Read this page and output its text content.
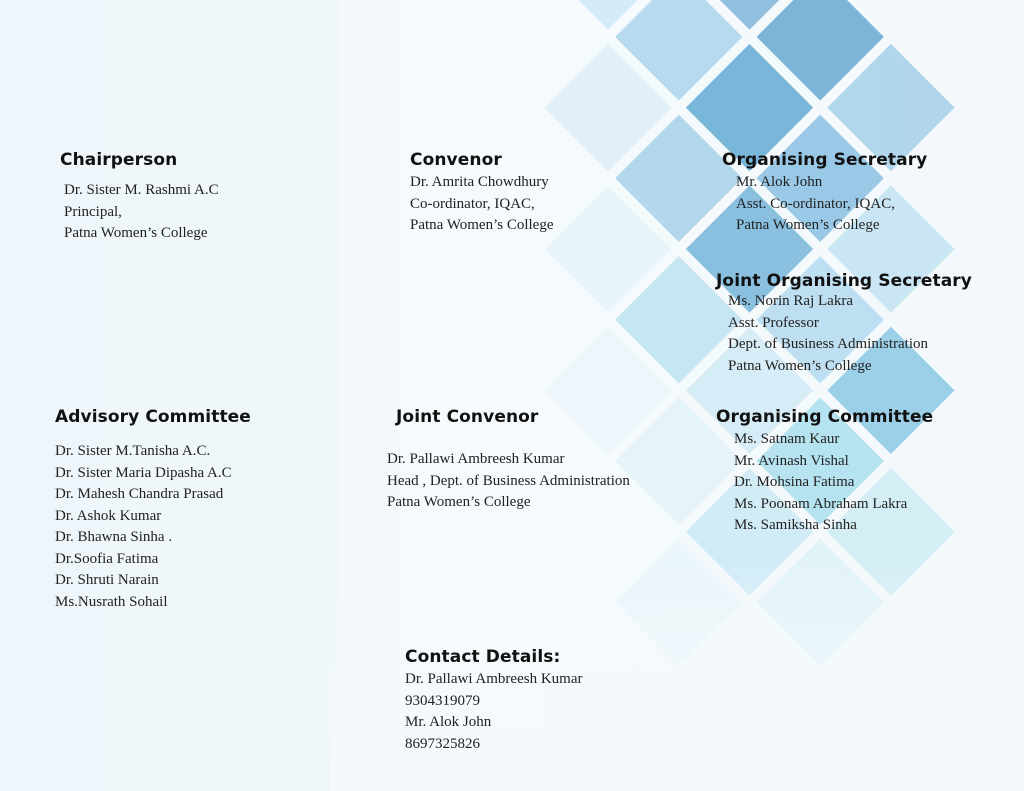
Chairperson
Dr. Sister M. Rashmi A.C
Principal,
Patna Women’s College
Convenor
Dr. Amrita Chowdhury
Co-ordinator, IQAC,
Patna Women’s College
Organising Secretary
Mr. Alok John
Asst. Co-ordinator, IQAC,
Patna Women’s College
Joint Organising Secretary
Ms. Norin Raj Lakra
Asst. Professor
Dept. of Business Administration
Patna Women’s College
Advisory Committee
Dr. Sister M.Tanisha A.C.
Dr. Sister Maria Dipasha A.C
Dr. Mahesh Chandra Prasad
Dr. Ashok Kumar
Dr. Bhawna Sinha .
Dr.Soofia Fatima
Dr. Shruti Narain
Ms.Nusrath Sohail
Joint Convenor
Dr. Pallawi Ambreesh Kumar
Head , Dept. of Business Administration
Patna Women’s College
Organising Committee
Ms. Satnam Kaur
Mr. Avinash Vishal
Dr. Mohsina Fatima
Ms. Poonam Abraham Lakra
Ms. Samiksha Sinha
Contact Details:
Dr. Pallawi Ambreesh Kumar
9304319079
Mr. Alok John
8697325826
